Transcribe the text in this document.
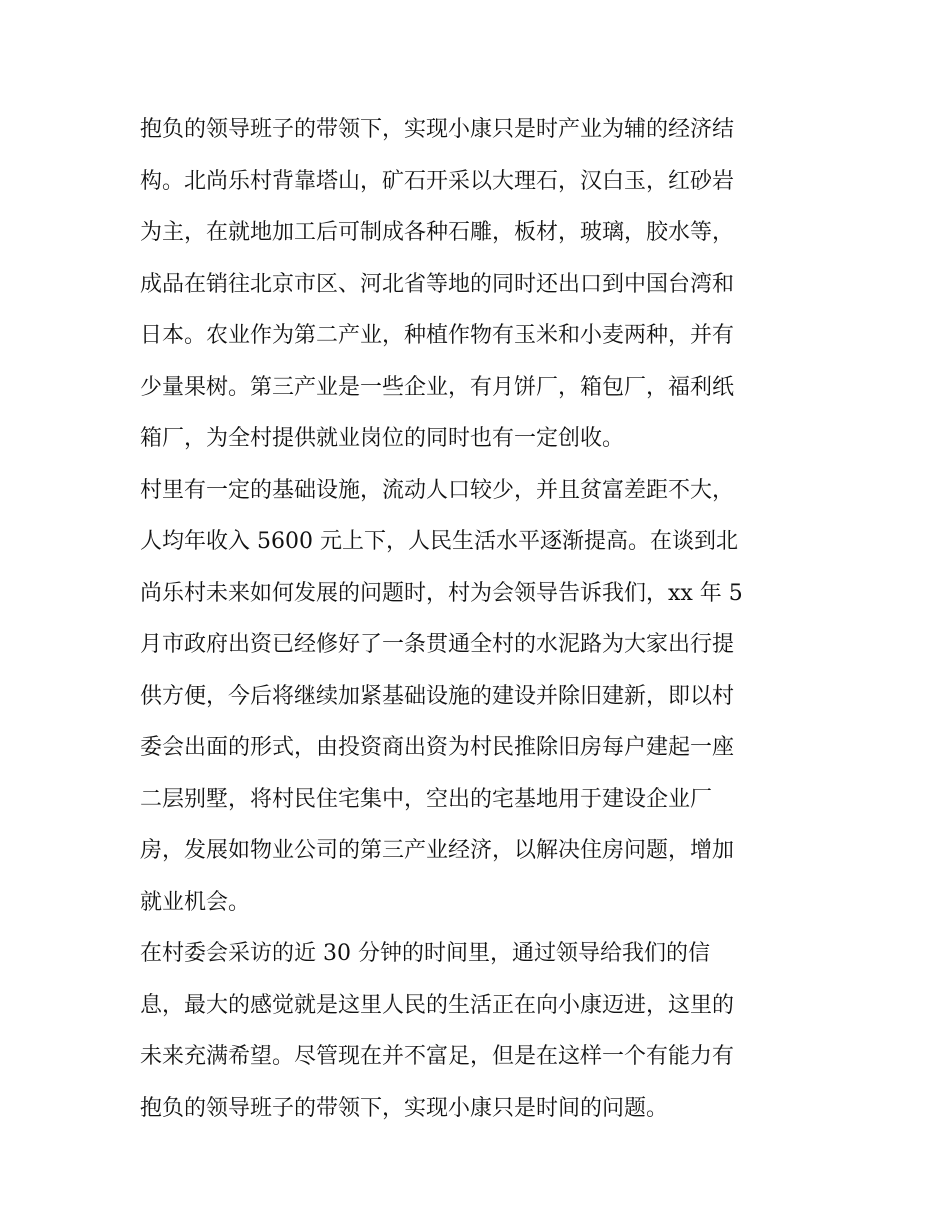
抱负的领导班子的带领下，实现小康只是时产业为辅的经济结
构。北尚乐村背靠塔山，矿石开采以大理石，汉白玉，红砂岩
为主，在就地加工后可制成各种石雕，板材，玻璃，胶水等，
成品在销往北京市区、河北省等地的同时还出口到中国台湾和
日本。农业作为第二产业，种植作物有玉米和小麦两种，并有
少量果树。第三产业是一些企业，有月饼厂，箱包厂，福利纸
箱厂，为全村提供就业岗位的同时也有一定创收。
村里有一定的基础设施，流动人口较少，并且贫富差距不大，
人均年收入 5600 元上下，人民生活水平逐渐提高。在谈到北
尚乐村未来如何发展的问题时，村为会领导告诉我们，xx 年 5
月市政府出资已经修好了一条贯通全村的水泥路为大家出行提
供方便，今后将继续加紧基础设施的建设并除旧建新，即以村
委会出面的形式，由投资商出资为村民推除旧房每户建起一座
二层别墅，将村民住宅集中，空出的宅基地用于建设企业厂
房，发展如物业公司的第三产业经济，以解决住房问题，增加
就业机会。
在村委会采访的近 30 分钟的时间里，通过领导给我们的信
息，最大的感觉就是这里人民的生活正在向小康迈进，这里的
未来充满希望。尽管现在并不富足，但是在这样一个有能力有
抱负的领导班子的带领下，实现小康只是时间的问题。
